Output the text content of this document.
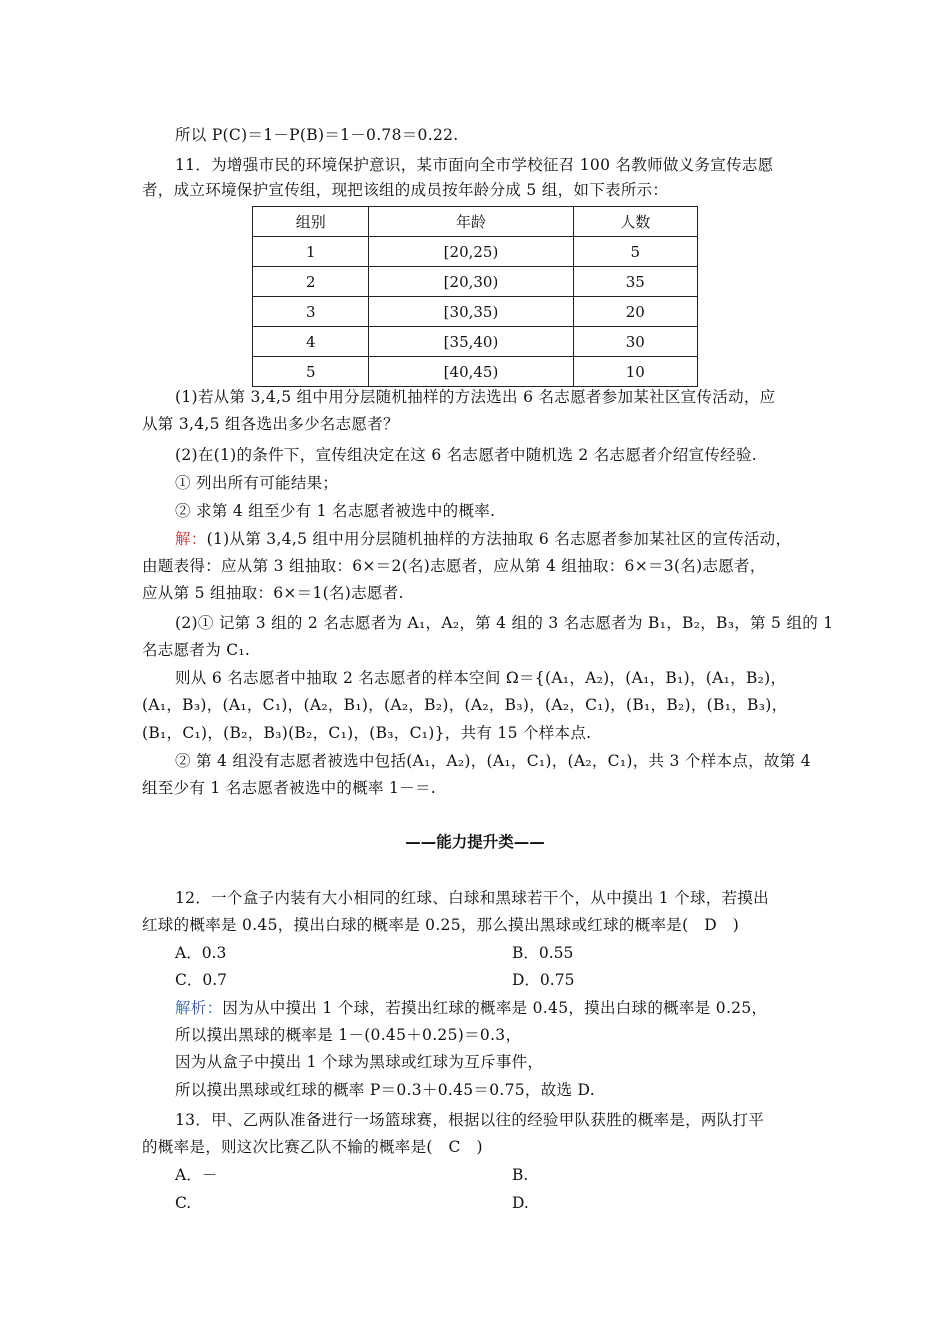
所以 P(C)＝1－P(B)＝1－0.78＝0.22.
11．为增强市民的环境保护意识，某市面向全市学校征召 100 名教师做义务宣传志愿
者，成立环境保护宣传组，现把该组的成员按年龄分成 5 组，如下表所示：
组别	年龄	人数
1	[20,25)	5
2	[20,30)	35
3	[30,35)	20
4	[35,40)	30
5	[40,45)	10
(1)若从第 3,4,5 组中用分层随机抽样的方法选出 6 名志愿者参加某社区宣传活动，应
从第 3,4,5 组各选出多少名志愿者？
(2)在(1)的条件下，宣传组决定在这 6 名志愿者中随机选 2 名志愿者介绍宣传经验.
① 列出所有可能结果；
② 求第 4 组至少有 1 名志愿者被选中的概率.
解：(1)从第 3,4,5 组中用分层随机抽样的方法抽取 6 名志愿者参加某社区的宣传活动，
由题表得：应从第 3 组抽取：6×＝2(名)志愿者，应从第 4 组抽取：6×＝3(名)志愿者，
应从第 5 组抽取：6×＝1(名)志愿者.
(2)① 记第 3 组的 2 名志愿者为 A₁，A₂，第 4 组的 3 名志愿者为 B₁，B₂，B₃，第 5 组的 1
名志愿者为 C₁.
则从 6 名志愿者中抽取 2 名志愿者的样本空间 Ω＝{(A₁，A₂)，(A₁，B₁)，(A₁，B₂)，
(A₁，B₃)，(A₁，C₁)，(A₂，B₁)，(A₂，B₂)，(A₂，B₃)，(A₂，C₁)，(B₁，B₂)，(B₁，B₃)，
(B₁，C₁)，(B₂，B₃)(B₂，C₁)，(B₃，C₁)}，共有 15 个样本点.
② 第 4 组没有志愿者被选中包括(A₁，A₂)，(A₁，C₁)，(A₂，C₁)，共 3 个样本点，故第 4
组至少有 1 名志愿者被选中的概率 1－＝.
——能力提升类——
12．一个盒子内装有大小相同的红球、白球和黑球若干个，从中摸出 1 个球，若摸出
红球的概率是 0.45，摸出白球的概率是 0.25，那么摸出黑球或红球的概率是(　D　)
A．0.3	B．0.55
C．0.7	D．0.75
解析：因为从中摸出 1 个球，若摸出红球的概率是 0.45，摸出白球的概率是 0.25，
所以摸出黑球的概率是 1－(0.45＋0.25)＝0.3，
因为从盒子中摸出 1 个球为黑球或红球为互斥事件，
所以摸出黑球或红球的概率 P＝0.3＋0.45＝0.75，故选 D.
13．甲、乙两队准备进行一场篮球赛，根据以往的经验甲队获胜的概率是，两队打平
的概率是，则这次比赛乙队不输的概率是(　C　)
A．－	B.
C.	D.
